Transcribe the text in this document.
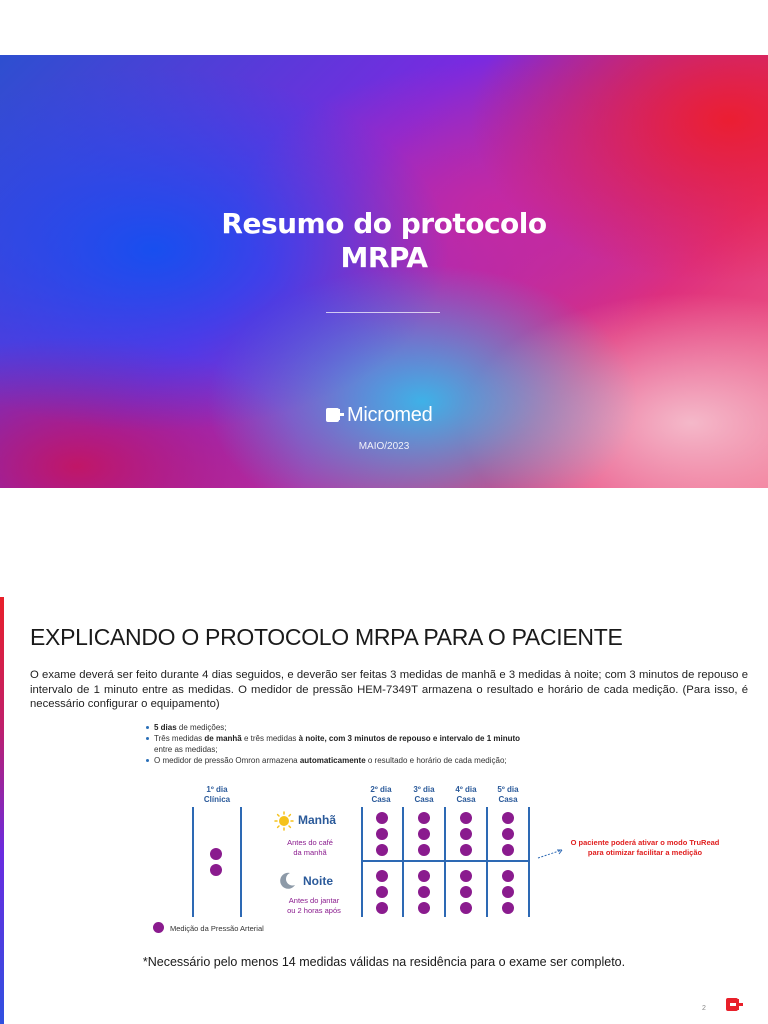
Resumo do protocolo
MRPA
Micromed
MAIO/2023
EXPLICANDO O PROTOCOLO MRPA PARA O PACIENTE
O exame deverá ser feito durante 4 dias seguidos, e deverão ser feitas 3 medidas de manhã e 3 medidas à noite; com 3 minutos de repouso e intervalo de 1 minuto entre as medidas. O medidor de pressão HEM-7349T armazena o resultado e horário de cada medição. (Para isso, é necessário configurar o equipamento)
5 dias de medições;
Três medidas de manhã e três medidas à noite, com 3 minutos de repouso e intervalo de 1 minuto
entre as medidas;
O medidor de pressão Omron armazena automaticamente o resultado e horário de cada medição;
1º dia
Clínica
2º dia
Casa
3º dia
Casa
4º dia
Casa
5º dia
Casa
Manhã
Antes do café
da manhã
Noite
Antes do jantar
ou 2 horas após
Medição da Pressão Arterial
O paciente poderá ativar o modo TruRead
para otimizar facilitar a medição
*Necessário pelo menos 14 medidas válidas na residência para o exame ser completo.
2
